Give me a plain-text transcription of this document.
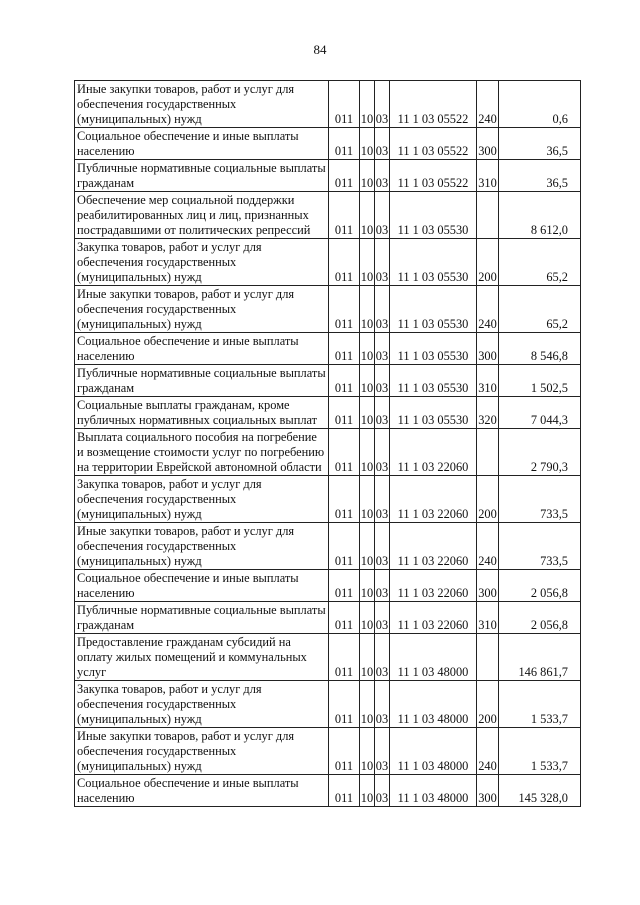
84
Иные закупки товаров, работ и услуг для обеспечения государственных (муниципальных) нужд	011	10	03	11 1 03 05522	240	0,6
Социальное обеспечение и иные выплаты населению	011	10	03	11 1 03 05522	300	36,5
Публичные нормативные социальные выплаты гражданам	011	10	03	11 1 03 05522	310	36,5
Обеспечение мер социальной поддержки реабилитированных лиц и лиц, признанных пострадавшими от политических репрессий	011	10	03	11 1 03 05530		8 612,0
Закупка товаров, работ и услуг для обеспечения государственных (муниципальных) нужд	011	10	03	11 1 03 05530	200	65,2
Иные закупки товаров, работ и услуг для обеспечения государственных (муниципальных) нужд	011	10	03	11 1 03 05530	240	65,2
Социальное обеспечение и иные выплаты населению	011	10	03	11 1 03 05530	300	8 546,8
Публичные нормативные социальные выплаты гражданам	011	10	03	11 1 03 05530	310	1 502,5
Социальные выплаты гражданам, кроме публичных нормативных социальных выплат	011	10	03	11 1 03 05530	320	7 044,3
Выплата социального пособия на погребение и возмещение стоимости услуг по погребению на территории Еврейской автономной области	011	10	03	11 1 03 22060		2 790,3
Закупка товаров, работ и услуг для обеспечения государственных (муниципальных) нужд	011	10	03	11 1 03 22060	200	733,5
Иные закупки товаров, работ и услуг для обеспечения государственных (муниципальных) нужд	011	10	03	11 1 03 22060	240	733,5
Социальное обеспечение и иные выплаты населению	011	10	03	11 1 03 22060	300	2 056,8
Публичные нормативные социальные выплаты гражданам	011	10	03	11 1 03 22060	310	2 056,8
Предоставление гражданам субсидий на оплату жилых помещений и коммунальных услуг	011	10	03	11 1 03 48000		146 861,7
Закупка товаров, работ и услуг для обеспечения государственных (муниципальных) нужд	011	10	03	11 1 03 48000	200	1 533,7
Иные закупки товаров, работ и услуг для обеспечения государственных (муниципальных) нужд	011	10	03	11 1 03 48000	240	1 533,7
Социальное обеспечение и иные выплаты населению	011	10	03	11 1 03 48000	300	145 328,0
